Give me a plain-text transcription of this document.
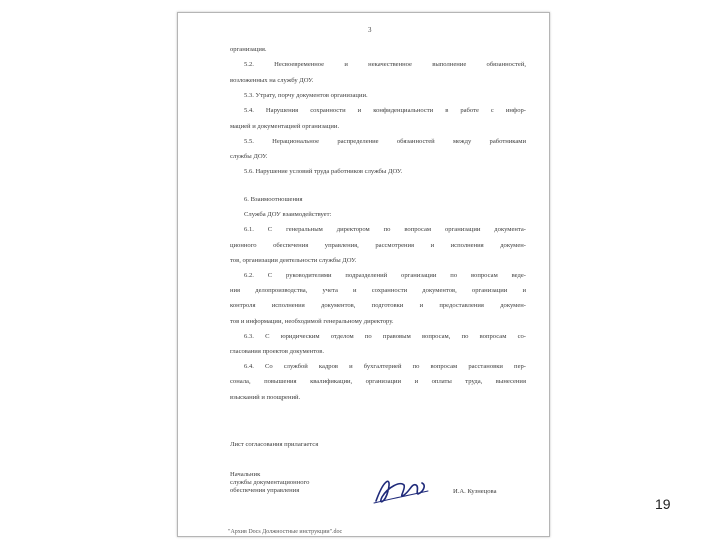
3
организация.
5.2. Несвоевременное и некачественное выполнение обязанностей,
возложенных на службу ДОУ.
5.3. Утрату, порчу документов организации.
5.4. Нарушения сохранности и конфиденциальности в работе с инфор-
мацией и документацией организации.
5.5. Нерациональное распределение обязанностей между работниками
службы ДОУ.
5.6. Нарушение условий труда работников службы ДОУ.
6. Взаимоотношения
Служба ДОУ взаимодействует:
6.1. С генеральным директором по вопросам организации документа-
ционного обеспечения управления, рассмотрения и исполнения докумен-
тов, организации деятельности службы ДОУ.
6.2. С руководителями подразделений организации по вопросам веде-
ния делопроизводства, учета и сохранности документов, организации и
контроля исполнения документов, подготовки и предоставления докумен-
тов и информации, необходимой генеральному директору.
6.3. С юридическим отделом по правовым вопросам, по вопросам со-
гласования проектов документов.
6.4. Со службой кадров и бухгалтерией по вопросам расстановки пер-
сонала, повышения квалификации, организации и оплаты труда, вынесения
взысканий и поощрений.
Лист согласования прилагается
Начальник
службы документационного
обеспечения управления	И.А. Кузнецова
"Архив Docs Должностные инструкции".doc
19
